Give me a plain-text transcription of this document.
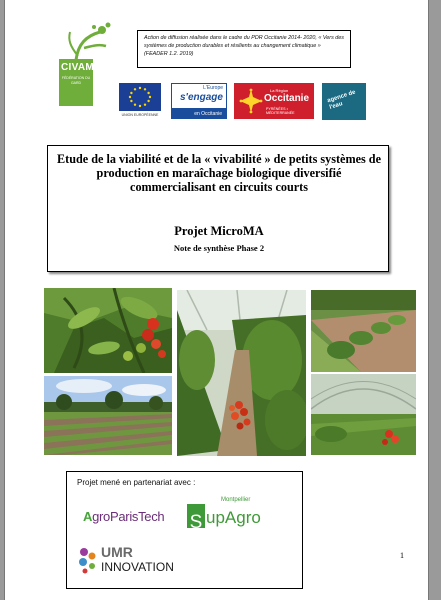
CIVAM
FÉDÉRATION DU GARD
Action de diffusion réalisée dans le cadre du PDR Occitanie 2014- 2020, « Vers des systèmes de production durables et résilients au changement climatique » (FEADER 1.2. 2019)
UNION EUROPÉENNE
L'Europe
s'engage
en Occitanie
La Région
Occitanie
PYRÉNÉES • MÉDITERRANÉE
agence de l'eau
Etude de la viabilité et de la « vivabilité » de petits systèmes de production en maraîchage biologique diversifié commercialisant en circuits courts
Projet MicroMA
Note de synthèse Phase 2
Projet mené en partenariat avec :
AgroParisTech S upAgro
Montpellier
UMR
INNOVATION
1
